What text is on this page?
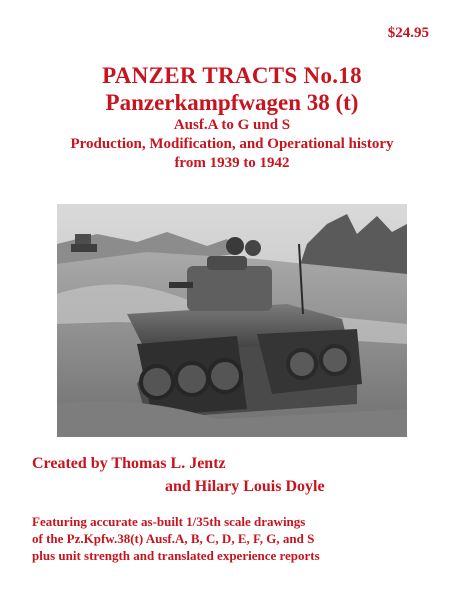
$24.95
PANZER TRACTS No.18
Panzerkampfwagen 38 (t)
Ausf.A to G und S
Production, Modification, and Operational history
from 1939 to 1942
Created by Thomas L. Jentz
and Hilary Louis Doyle
Featuring accurate as-built 1/35th scale drawings
of the Pz.Kpfw.38(t) Ausf.A, B, C, D, E, F, G, and S
plus unit strength and translated experience reports
